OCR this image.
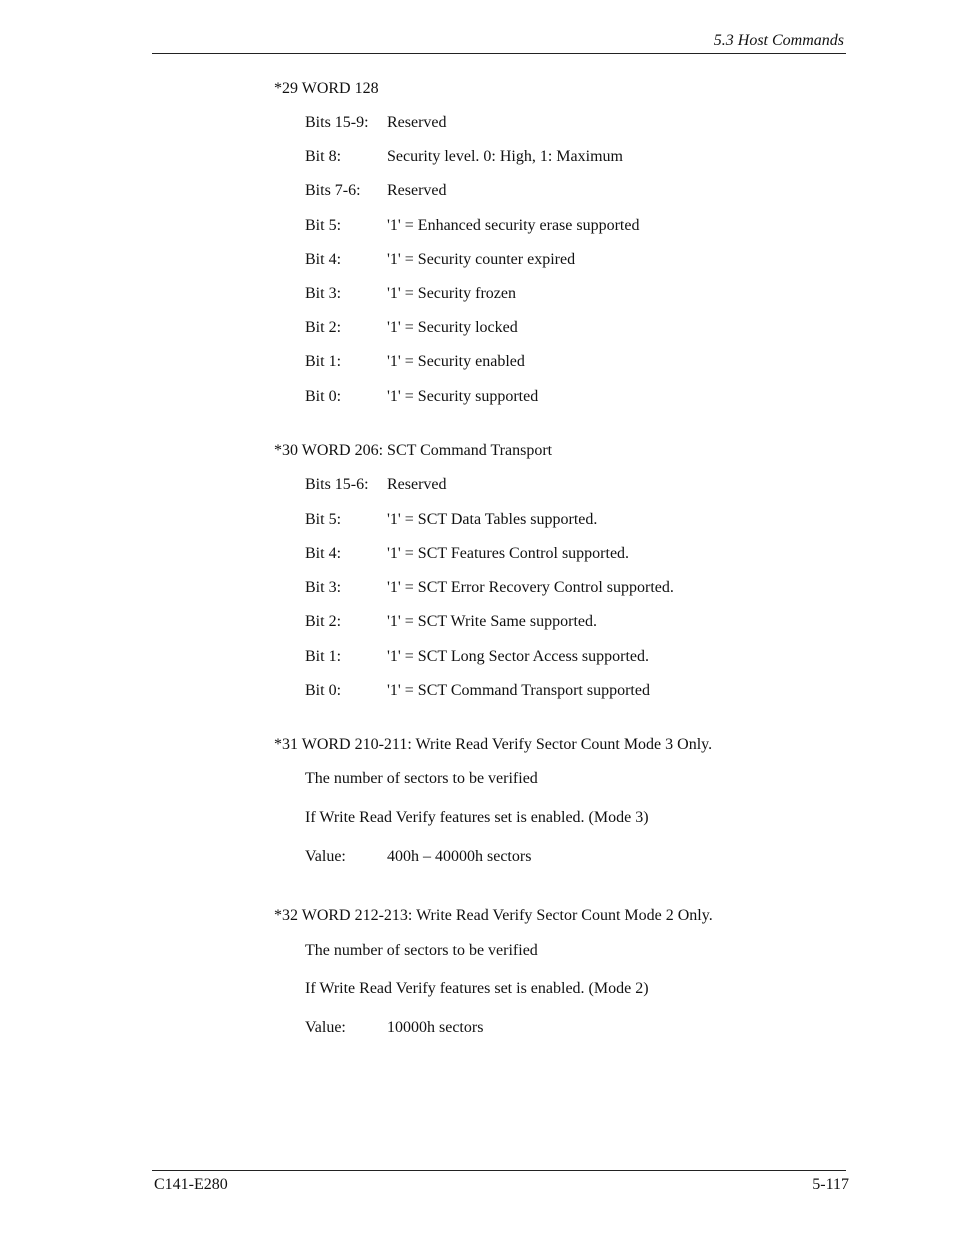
5.3 Host Commands
*29 WORD 128
Bits 15-9: Reserved
Bit 8:	Security level. 0: High, 1: Maximum
Bits 7-6: Reserved
Bit 5:	'1' = Enhanced security erase supported
Bit 4:	'1' = Security counter expired
Bit 3:	'1' = Security frozen
Bit 2:	'1' = Security locked
Bit 1:	'1' = Security enabled
Bit 0:	'1' = Security supported
*30 WORD 206: SCT Command Transport
Bits 15-6: Reserved
Bit 5:	'1' = SCT Data Tables supported.
Bit 4:	'1' = SCT Features Control supported.
Bit 3:	'1' = SCT Error Recovery Control supported.
Bit 2:	'1' = SCT Write Same supported.
Bit 1:	'1' = SCT Long Sector Access supported.
Bit 0:	'1' = SCT Command Transport supported
*31 WORD 210-211: Write Read Verify Sector Count Mode 3 Only.
The number of sectors to be verified
If Write Read Verify features set is enabled. (Mode 3)
Value:	400h – 40000h sectors
*32 WORD 212-213: Write Read Verify Sector Count Mode 2 Only.
The number of sectors to be verified
If Write Read Verify features set is enabled. (Mode 2)
Value:	10000h sectors
C141-E280	5-117
